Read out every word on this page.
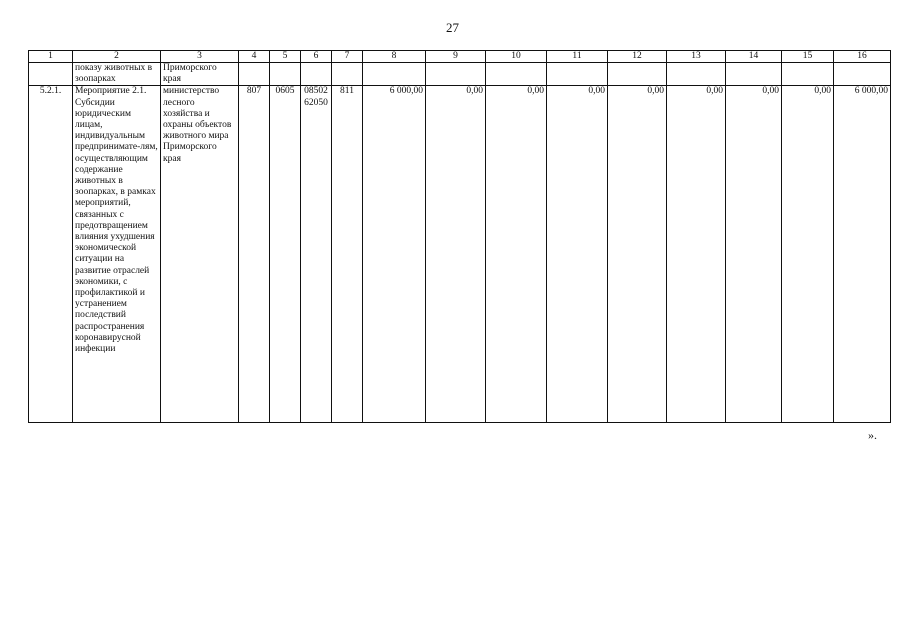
27
1	2	3	4	5	6	7	8	9	10	11	12	13	14	15	16
	показу животных в зоопарках	Приморского края													
5.2.1.	Мероприятие 2.1. Субсидии юридическим лицам, индивидуальным предпринимате-лям, осуществляющим содержание животных в зоопарках, в рамках мероприятий, связанных с предотвращением влияния ухудшения экономической ситуации на развитие отраслей экономики, с профилактикой и устранением последствий распространения коронавирусной инфекции	министерство лесного хозяйства и охраны объектов животного мира Приморского края	807	0605	08502 62050	811	6 000,00	0,00	0,00	0,00	0,00	0,00	0,00	0,00	6 000,00
».
